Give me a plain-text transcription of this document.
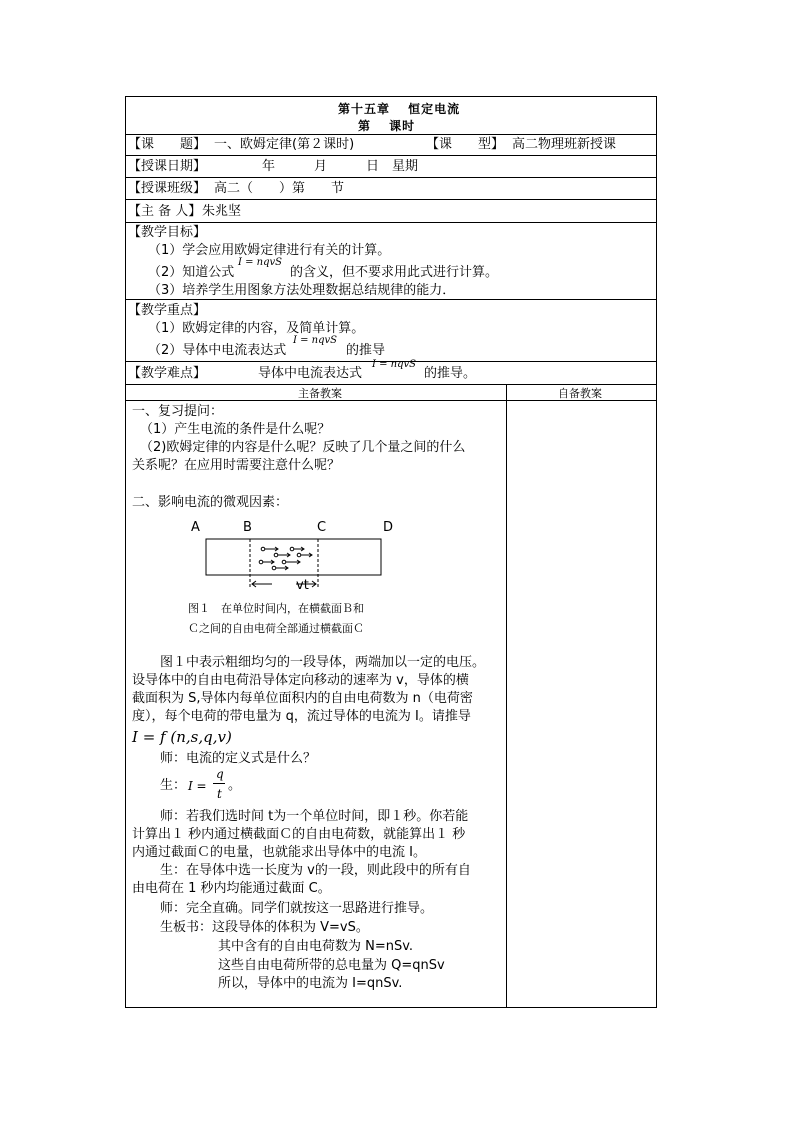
第十五章　 恒定电流
第　 课时
【课　　题】 一、欧姆定律(第２课时)	【课　　型】 高二物理班新授课
【授课日期】	年　　　月　　　日　星期
【授课班级】 高二（　　）第　　节
【主 备 人】 朱兆坚
【教学目标】
（1）学会应用欧姆定律进行有关的计算。
（2）知道公式
I = nqvS
的含义，但不要求用此式进行计算。
（3）培养学生用图象方法处理数据总结规律的能力．
【教学重点】
（1）欧姆定律的内容，及简单计算。
（2）导体中电流表达式
I = nqvS
的推导
【教学难点】	导体中电流表达式
I = nqvS
的推导。
主备教案	自备教案
一、复习提问：
（1）产生电流的条件是什么呢？
（2)欧姆定律的内容是什么呢？反映了几个量之间的什么
关系呢？在应用时需要注意什么呢？
二、影响电流的微观因素：
A	B	C	D
vt
图１　在单位时间内，在横截面Ｂ和
Ｃ之间的自由电荷全部通过横截面Ｃ
图１中表示粗细均匀的一段导体，两端加以一定的电压。
设导体中的自由电荷沿导体定向移动的速率为 v，导体的横
截面积为 S,导体内每单位面积内的自由电荷数为 n（电荷密
度），每个电荷的带电量为 q，流过导体的电流为 I。请推导
I = f (n,s,q,v)
师：电流的定义式是什么？
生： I =
q
t
。
师：若我们选时间 t为一个单位时间，即１秒。你若能
计算出１ 秒内通过横截面Ｃ的自由电荷数，就能算出１ 秒
内通过截面Ｃ的电量，也就能求出导体中的电流 I。
生：在导体中选一长度为 v的一段，则此段中的所有自
由电荷在 1 秒内均能通过截面 C。
师：完全直确。同学们就按这一思路进行推导。
生板书：这段导体的体积为 V=vS。
其中含有的自由电荷数为 N=nSv.
这些自由电荷所带的总电量为 Q=qnSv
所以，导体中的电流为 I=qnSv.
